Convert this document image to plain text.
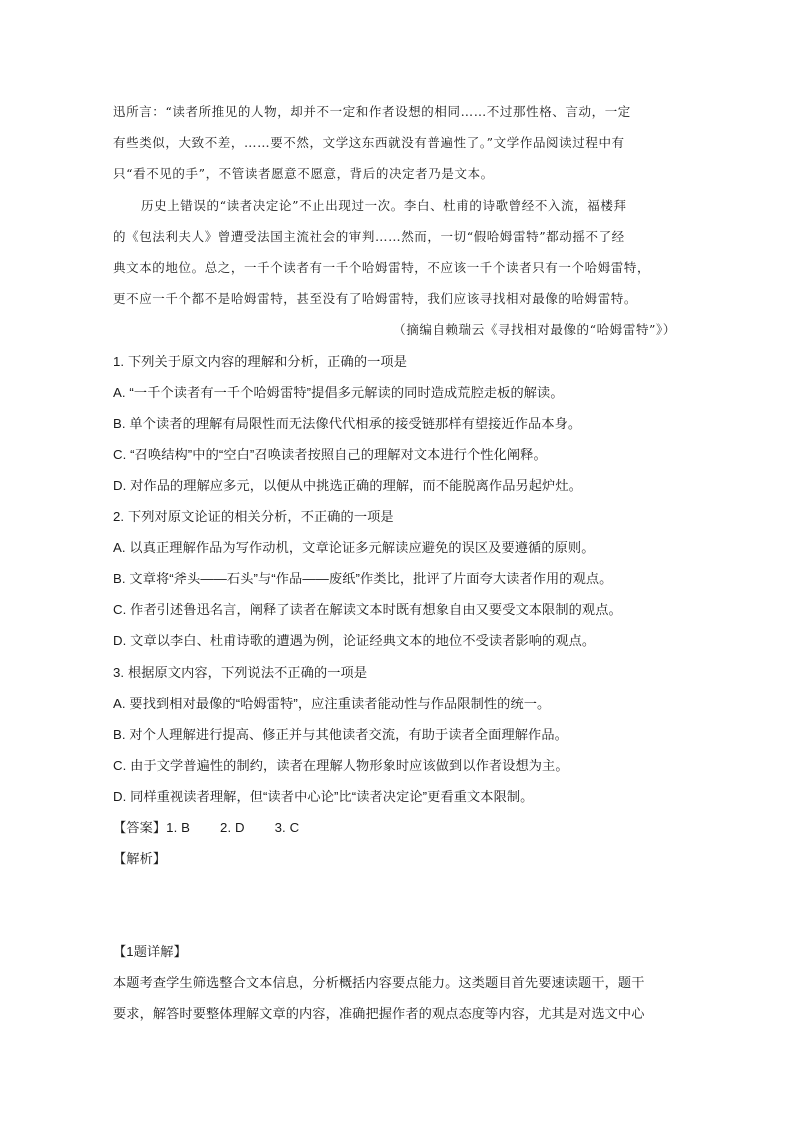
迅所言：“读者所推见的人物，却并不一定和作者设想的相同……不过那性格、言动，一定
有些类似，大致不差，……要不然，文学这东西就没有普遍性了。”文学作品阅读过程中有
只“看不见的手”，不管读者愿意不愿意，背后的决定者乃是文本。
历史上错误的“读者决定论”不止出现过一次。李白、杜甫的诗歌曾经不入流，福楼拜
的《包法利夫人》曾遭受法国主流社会的审判……然而，一切“假哈姆雷特”都动摇不了经
典文本的地位。总之，一千个读者有一千个哈姆雷特，不应该一千个读者只有一个哈姆雷特，
更不应一千个都不是哈姆雷特，甚至没有了哈姆雷特，我们应该寻找相对最像的哈姆雷特。
（摘编自赖瑞云《寻找相对最像的“哈姆雷特”》）
1. 下列关于原文内容的理解和分析，正确的一项是
A. “一千个读者有一千个哈姆雷特”提倡多元解读的同时造成荒腔走板的解读。
B. 单个读者的理解有局限性而无法像代代相承的接受链那样有望接近作品本身。
C. “召唤结构”中的“空白”召唤读者按照自己的理解对文本进行个性化阐释。
D. 对作品的理解应多元，以便从中挑选正确的理解，而不能脱离作品另起炉灶。
2. 下列对原文论证的相关分析，不正确的一项是
A. 以真正理解作品为写作动机，文章论证多元解读应避免的误区及要遵循的原则。
B. 文章将“斧头——石头”与“作品——废纸”作类比，批评了片面夸大读者作用的观点。
C. 作者引述鲁迅名言，阐释了读者在解读文本时既有想象自由又要受文本限制的观点。
D. 文章以李白、杜甫诗歌的遭遇为例，论证经典文本的地位不受读者影响的观点。
3. 根据原文内容，下列说法不正确的一项是
A. 要找到相对最像的“哈姆雷特”，应注重读者能动性与作品限制性的统一。
B. 对个人理解进行提高、修正并与其他读者交流，有助于读者全面理解作品。
C. 由于文学普遍性的制约，读者在理解人物形象时应该做到以作者设想为主。
D. 同样重视读者理解，但“读者中心论”比“读者决定论”更看重文本限制。
【答案】1. B 2. D 3. C
【解析】
【1题详解】
本题考查学生筛选整合文本信息，分析概括内容要点能力。这类题目首先要速读题干，题干
要求，解答时要整体理解文章的内容，准确把握作者的观点态度等内容，尤其是对选文中心
